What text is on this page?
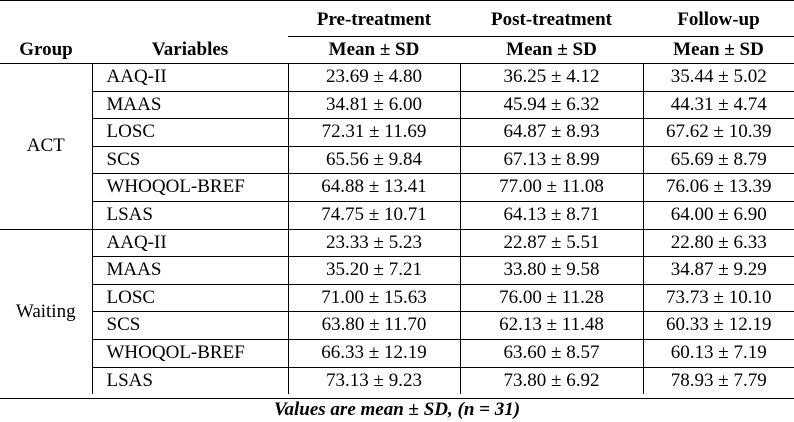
		Pre-treatment	Post-treatment	Follow-up
Group	Variables	Mean ± SD	Mean ± SD	Mean ± SD
ACT	AAQ-II	23.69 ± 4.80	36.25 ± 4.12	35.44 ± 5.02
	MAAS	34.81 ± 6.00	45.94 ± 6.32	44.31 ± 4.74
	LOSC	72.31 ± 11.69	64.87 ± 8.93	67.62 ± 10.39
	SCS	65.56 ± 9.84	67.13 ± 8.99	65.69 ± 8.79
	WHOQOL-BREF	64.88 ± 13.41	77.00 ± 11.08	76.06 ± 13.39
	LSAS	74.75 ± 10.71	64.13 ± 8.71	64.00 ± 6.90
Waiting	AAQ-II	23.33 ± 5.23	22.87 ± 5.51	22.80 ± 6.33
	MAAS	35.20 ± 7.21	33.80 ± 9.58	34.87 ± 9.29
	LOSC	71.00 ± 15.63	76.00 ± 11.28	73.73 ± 10.10
	SCS	63.80 ± 11.70	62.13 ± 11.48	60.33 ± 12.19
	WHOQOL-BREF	66.33 ± 12.19	63.60 ± 8.57	60.13 ± 7.19
	LSAS	73.13 ± 9.23	73.80 ± 6.92	78.93 ± 7.79
Values are mean ± SD, (n = 31)
